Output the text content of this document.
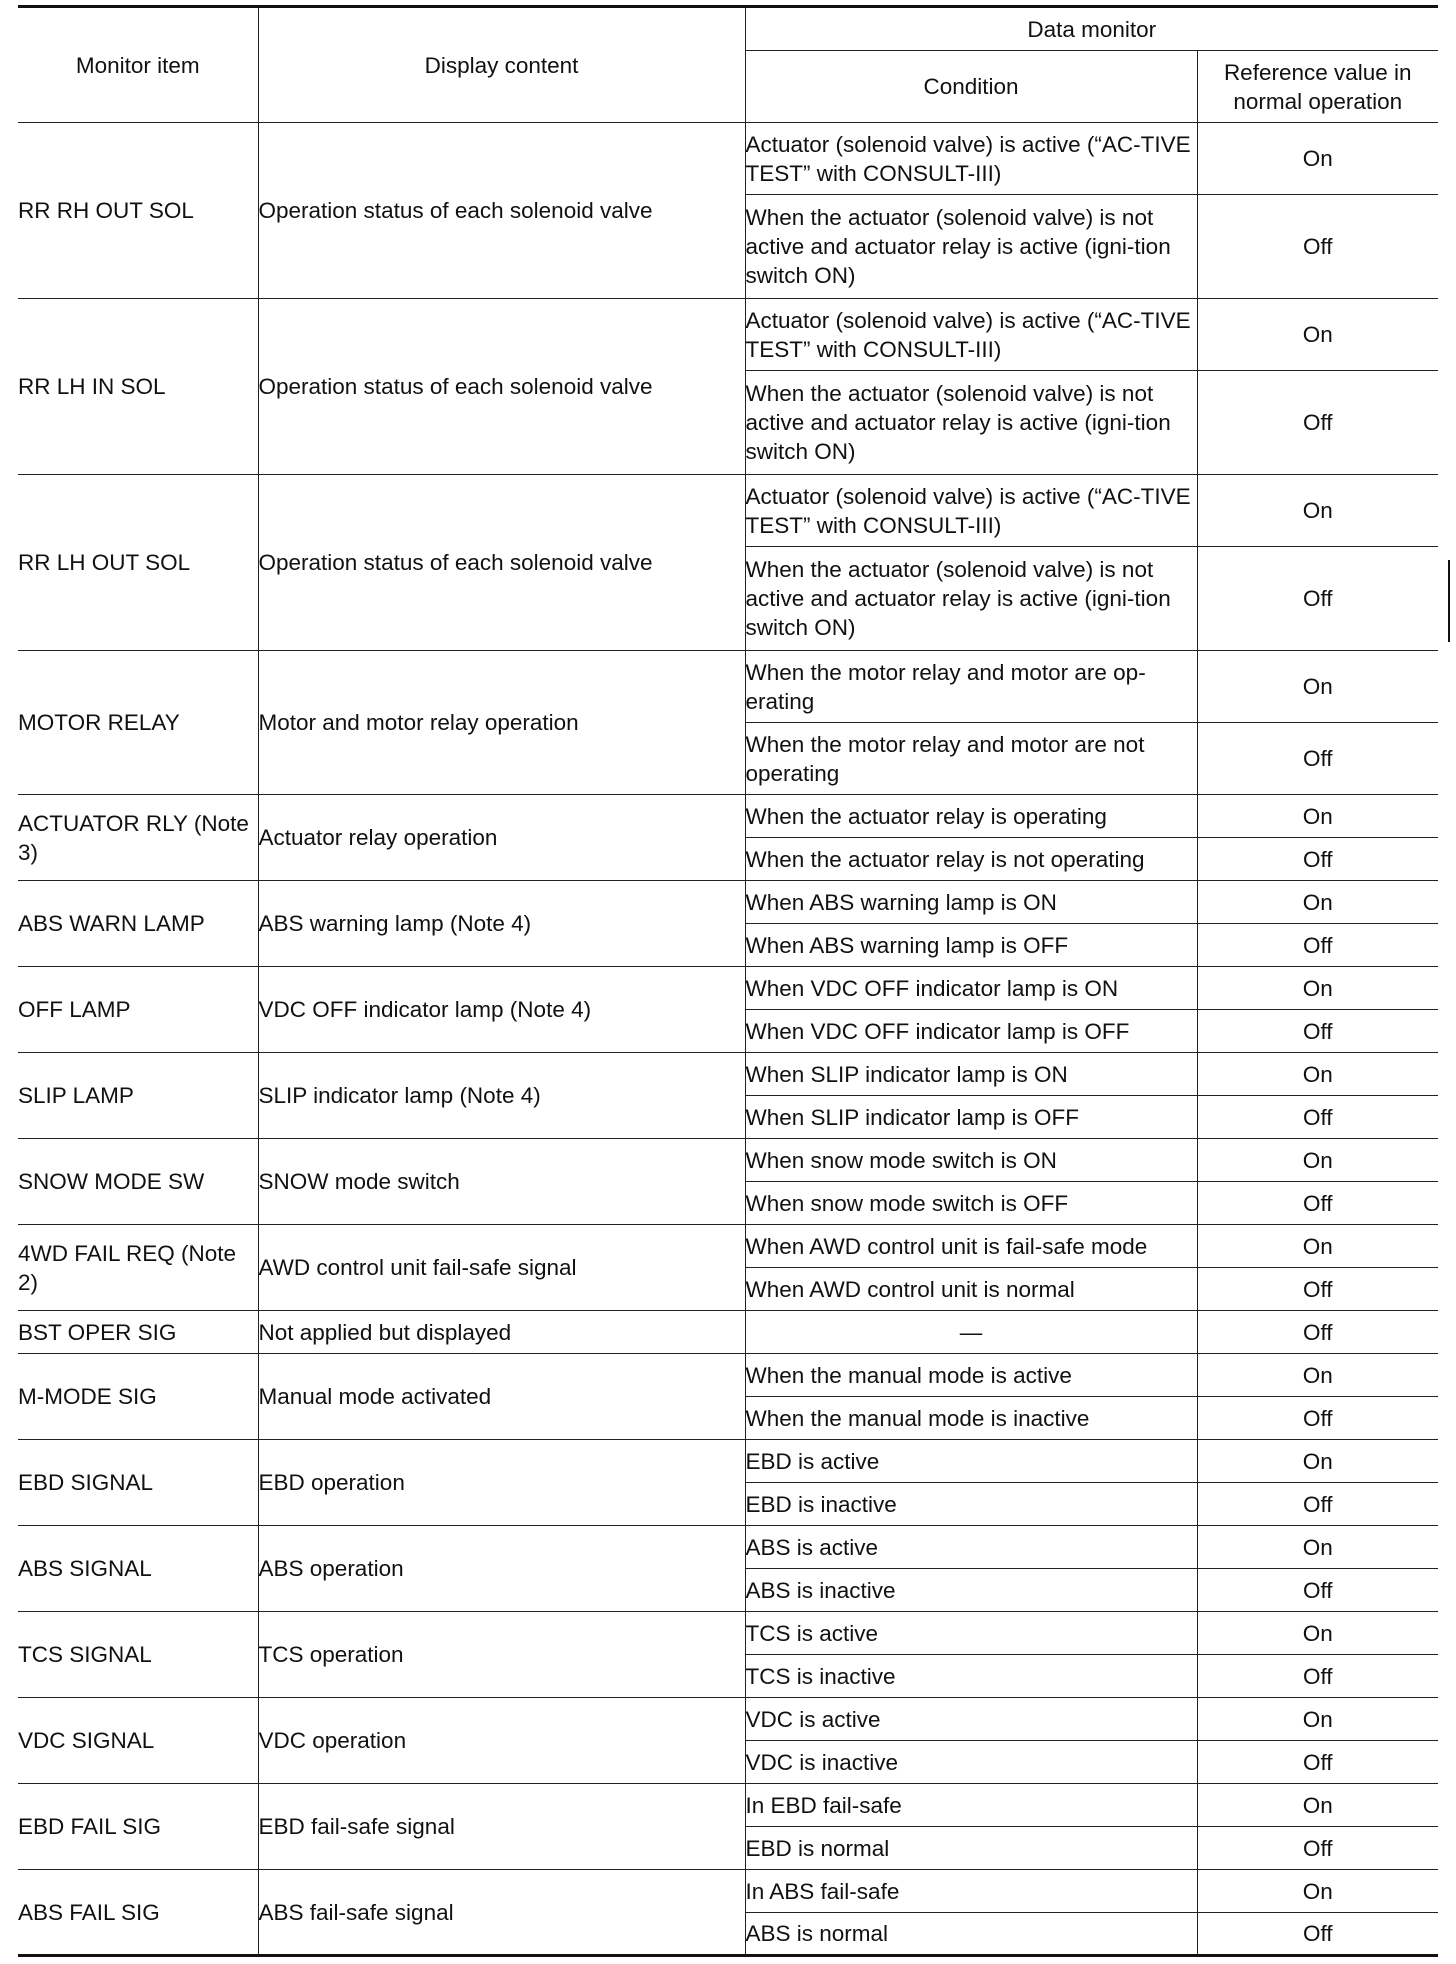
Monitor item	Display content	Data monitor	
		Condition	Reference value in normal operation

RR RH OUT SOL	Operation status of each solenoid valve	Actuator (solenoid valve) is active (“AC-TIVE TEST” with CONSULT-III)	On

		When the actuator (solenoid valve) is not active and actuator relay is active (igni-tion switch ON)	Off

RR LH IN SOL	Operation status of each solenoid valve	Actuator (solenoid valve) is active (“AC-TIVE TEST” with CONSULT-III)	On

		When the actuator (solenoid valve) is not active and actuator relay is active (igni-tion switch ON)	Off

RR LH OUT SOL	Operation status of each solenoid valve	Actuator (solenoid valve) is active (“AC-TIVE TEST” with CONSULT-III)	On

		When the actuator (solenoid valve) is not active and actuator relay is active (igni-tion switch ON)	Off

MOTOR RELAY	Motor and motor relay operation	When the motor relay and motor are op-erating	On

		When the motor relay and motor are not operating	Off

ACTUATOR RLY (Note 3)	Actuator relay operation	When the actuator relay is operating	On

		When the actuator relay is not operating	Off

ABS WARN LAMP	ABS warning lamp (Note 4)	When ABS warning lamp is ON	On

		When ABS warning lamp is OFF	Off

OFF LAMP	VDC OFF indicator lamp (Note 4)	When VDC OFF indicator lamp is ON	On

		When VDC OFF indicator lamp is OFF	Off

SLIP LAMP	SLIP indicator lamp (Note 4)	When SLIP indicator lamp is ON	On

		When SLIP indicator lamp is OFF	Off

SNOW MODE SW	SNOW mode switch	When snow mode switch is ON	On

		When snow mode switch is OFF	Off

4WD FAIL REQ (Note 2)	AWD control unit fail-safe signal	When AWD control unit is fail-safe mode	On

		When AWD control unit is normal	Off

BST OPER SIG	Not applied but displayed	—	Off

M-MODE SIG	Manual mode activated	When the manual mode is active	On

		When the manual mode is inactive	Off

EBD SIGNAL	EBD operation	EBD is active	On

		EBD is inactive	Off

ABS SIGNAL	ABS operation	ABS is active	On

		ABS is inactive	Off

TCS SIGNAL	TCS operation	TCS is active	On

		TCS is inactive	Off

VDC SIGNAL	VDC operation	VDC is active	On

		VDC is inactive	Off

EBD FAIL SIG	EBD fail-safe signal	In EBD fail-safe	On

		EBD is normal	Off

ABS FAIL SIG	ABS fail-safe signal	In ABS fail-safe	On

		ABS is normal	Off
